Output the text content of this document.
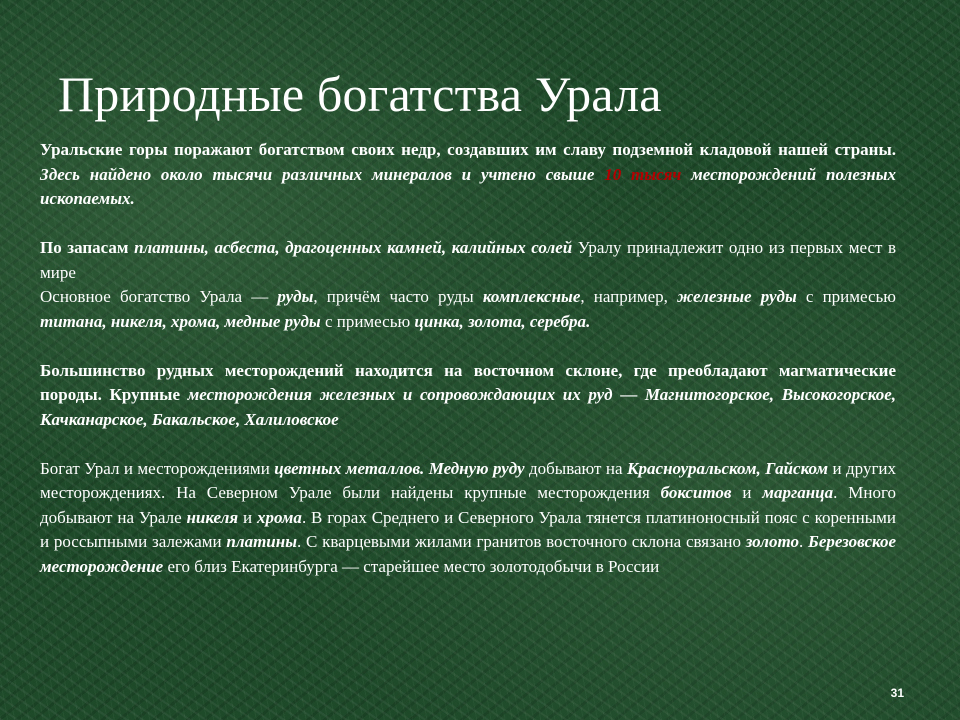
Природные богатства Урала

Уральские горы поражают богатством своих недр, создавших им славу подземной кладовой нашей страны. Здесь найдено около тысячи различных минералов и учтено свыше 10 тысяч месторождений полезных ископаемых.

По запасам платины, асбеста, драгоценных камней, калийных солей Уралу принадлежит одно из первых мест в мире

Основное богатство Урала — руды, причём часто руды комплексные, например, железные руды с примесью титана, никеля, хрома, медные руды с примесью цинка, золота, серебра.

Большинство рудных месторождений находится на восточном склоне, где преобладают магматические породы. Крупные месторождения железных и сопровождающих их руд — Магнитогорское, Высокогорское, Качканарское, Бакальское, Халиловское

Богат Урал и месторождениями цветных металлов. Медную руду добывают на Красноуральском, Гайском и других месторождениях. На Северном Урале были найдены крупные месторождения бокситов и марганца. Много добывают на Урале никеля и хрома. В горах Среднего и Северного Урала тянется платиноносный пояс с коренными и россыпными залежами платины. С кварцевыми жилами гранитов восточного склона связано золото. Березовское месторождение его близ Екатеринбурга — старейшее место золотодобычи в России

31
